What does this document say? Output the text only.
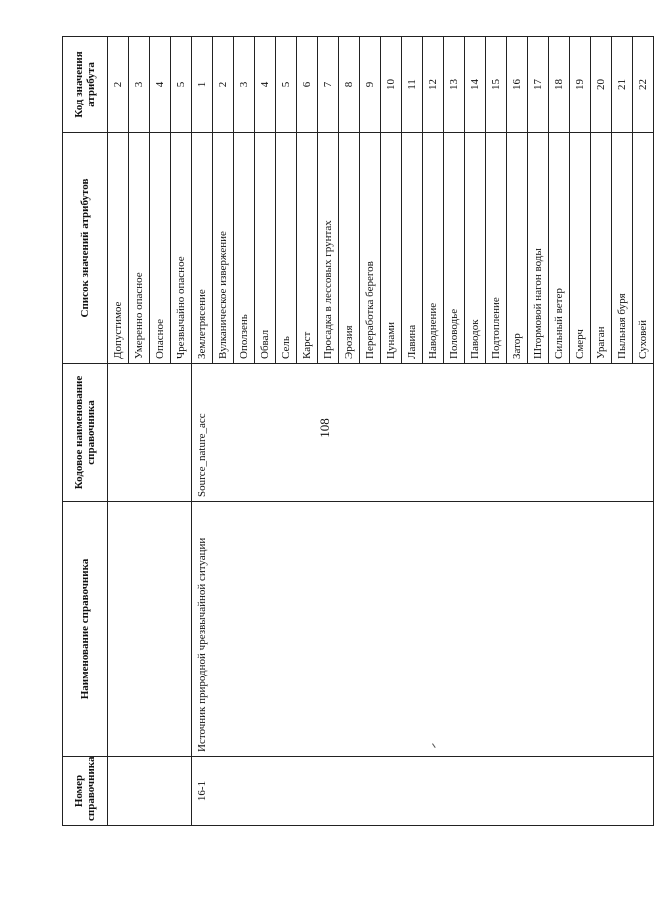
108
Номер справочника	Наименование справочника	Кодовое наименование справочника	Список значений атрибутов	Код значения атрибута
			Допустимое	2
			Умеренно опасное	3
			Опасное	4
			Чрезвычайно опасное	5
16-1	Источник природной чрезвычайной ситуации	Source_nature_acc	Землетрясение	1
			Вулканическое извержение	2
			Оползень	3
			Обвал	4
			Сель	5
			Карст	6
			Просадка в лессовых грунтах	7
			Эрозия	8
			Переработка берегов	9
			Цунами	10
			Лавина	11
			Наводнение	12
			Половодье	13
			Паводок	14
			Подтопление	15
			Затор	16
			Штормовой нагон воды	17
			Сильный ветер	18
			Смерч	19
			Ураган	20
			Пыльная буря	21
			Суховей	22
